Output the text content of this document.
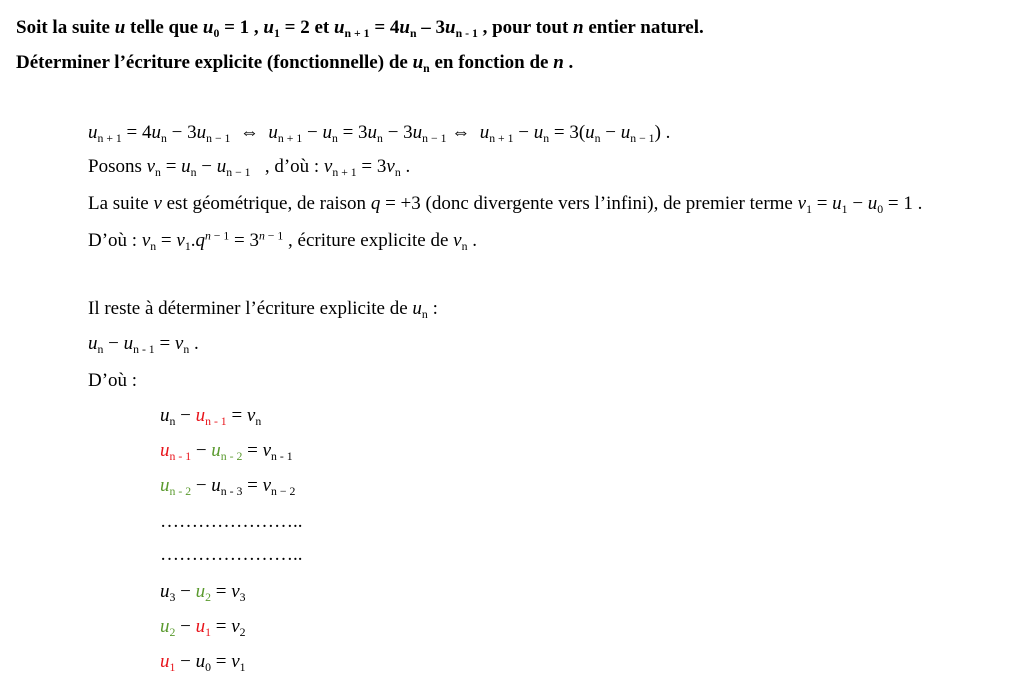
Soit la suite u telle que $u_0 = 1$ , $u_1 = 2$ et $u_n$ $_{+ 1} = 4u_n - 3u_n$ $_{- 1}$ , pour tout n entier naturel.
Déterminer l’écriture explicite (fonctionnelle) de $u_n$ en fonction de n .
$u_n$ $_{+ 1} = 4u_n - 3u_n$ $_{- 1}$  ⇔  $u_n$ $_{+ 1} - u_n = 3u_n - 3u_n$ $_{- 1}$ ⇔  $u_n$ $_{+ 1} - u_n = 3(u_n - u_n$ $_{- 1}$) .
Posons $v_n = u_n - u_n$ $_{- 1}$   , d’où : $v_n$ $_{+ 1} = 3v_n$ .
La suite v est géométrique, de raison q = +3 (donc divergente vers l’infini), de premier terme $v_1 = u_1 - u_0 = 1$ .
D’où : $v_n = v_1.q^{n - 1} = 3^{n - 1}$ , écriture explicite de $v_n$ .
Il reste à déterminer l’écriture explicite de $u_n$ :
$u_n - u_n$ $_{- 1} = v_n$ .
D’où :
$u_n - u_n$ $_{- 1} = v_n$
$u_n$ $_{- 1} - u_n$ $_{- 2} = v_n$ $_{- 1}$
$u_n$ $_{- 2} - u_n$ $_{- 3} = v_n$ $_{- 2}$
…………………..
…………………..
$u_3 - u_2 = v_3$
$u_2 - u_1 = v_2$
$u_1 - u_0 = v_1$
